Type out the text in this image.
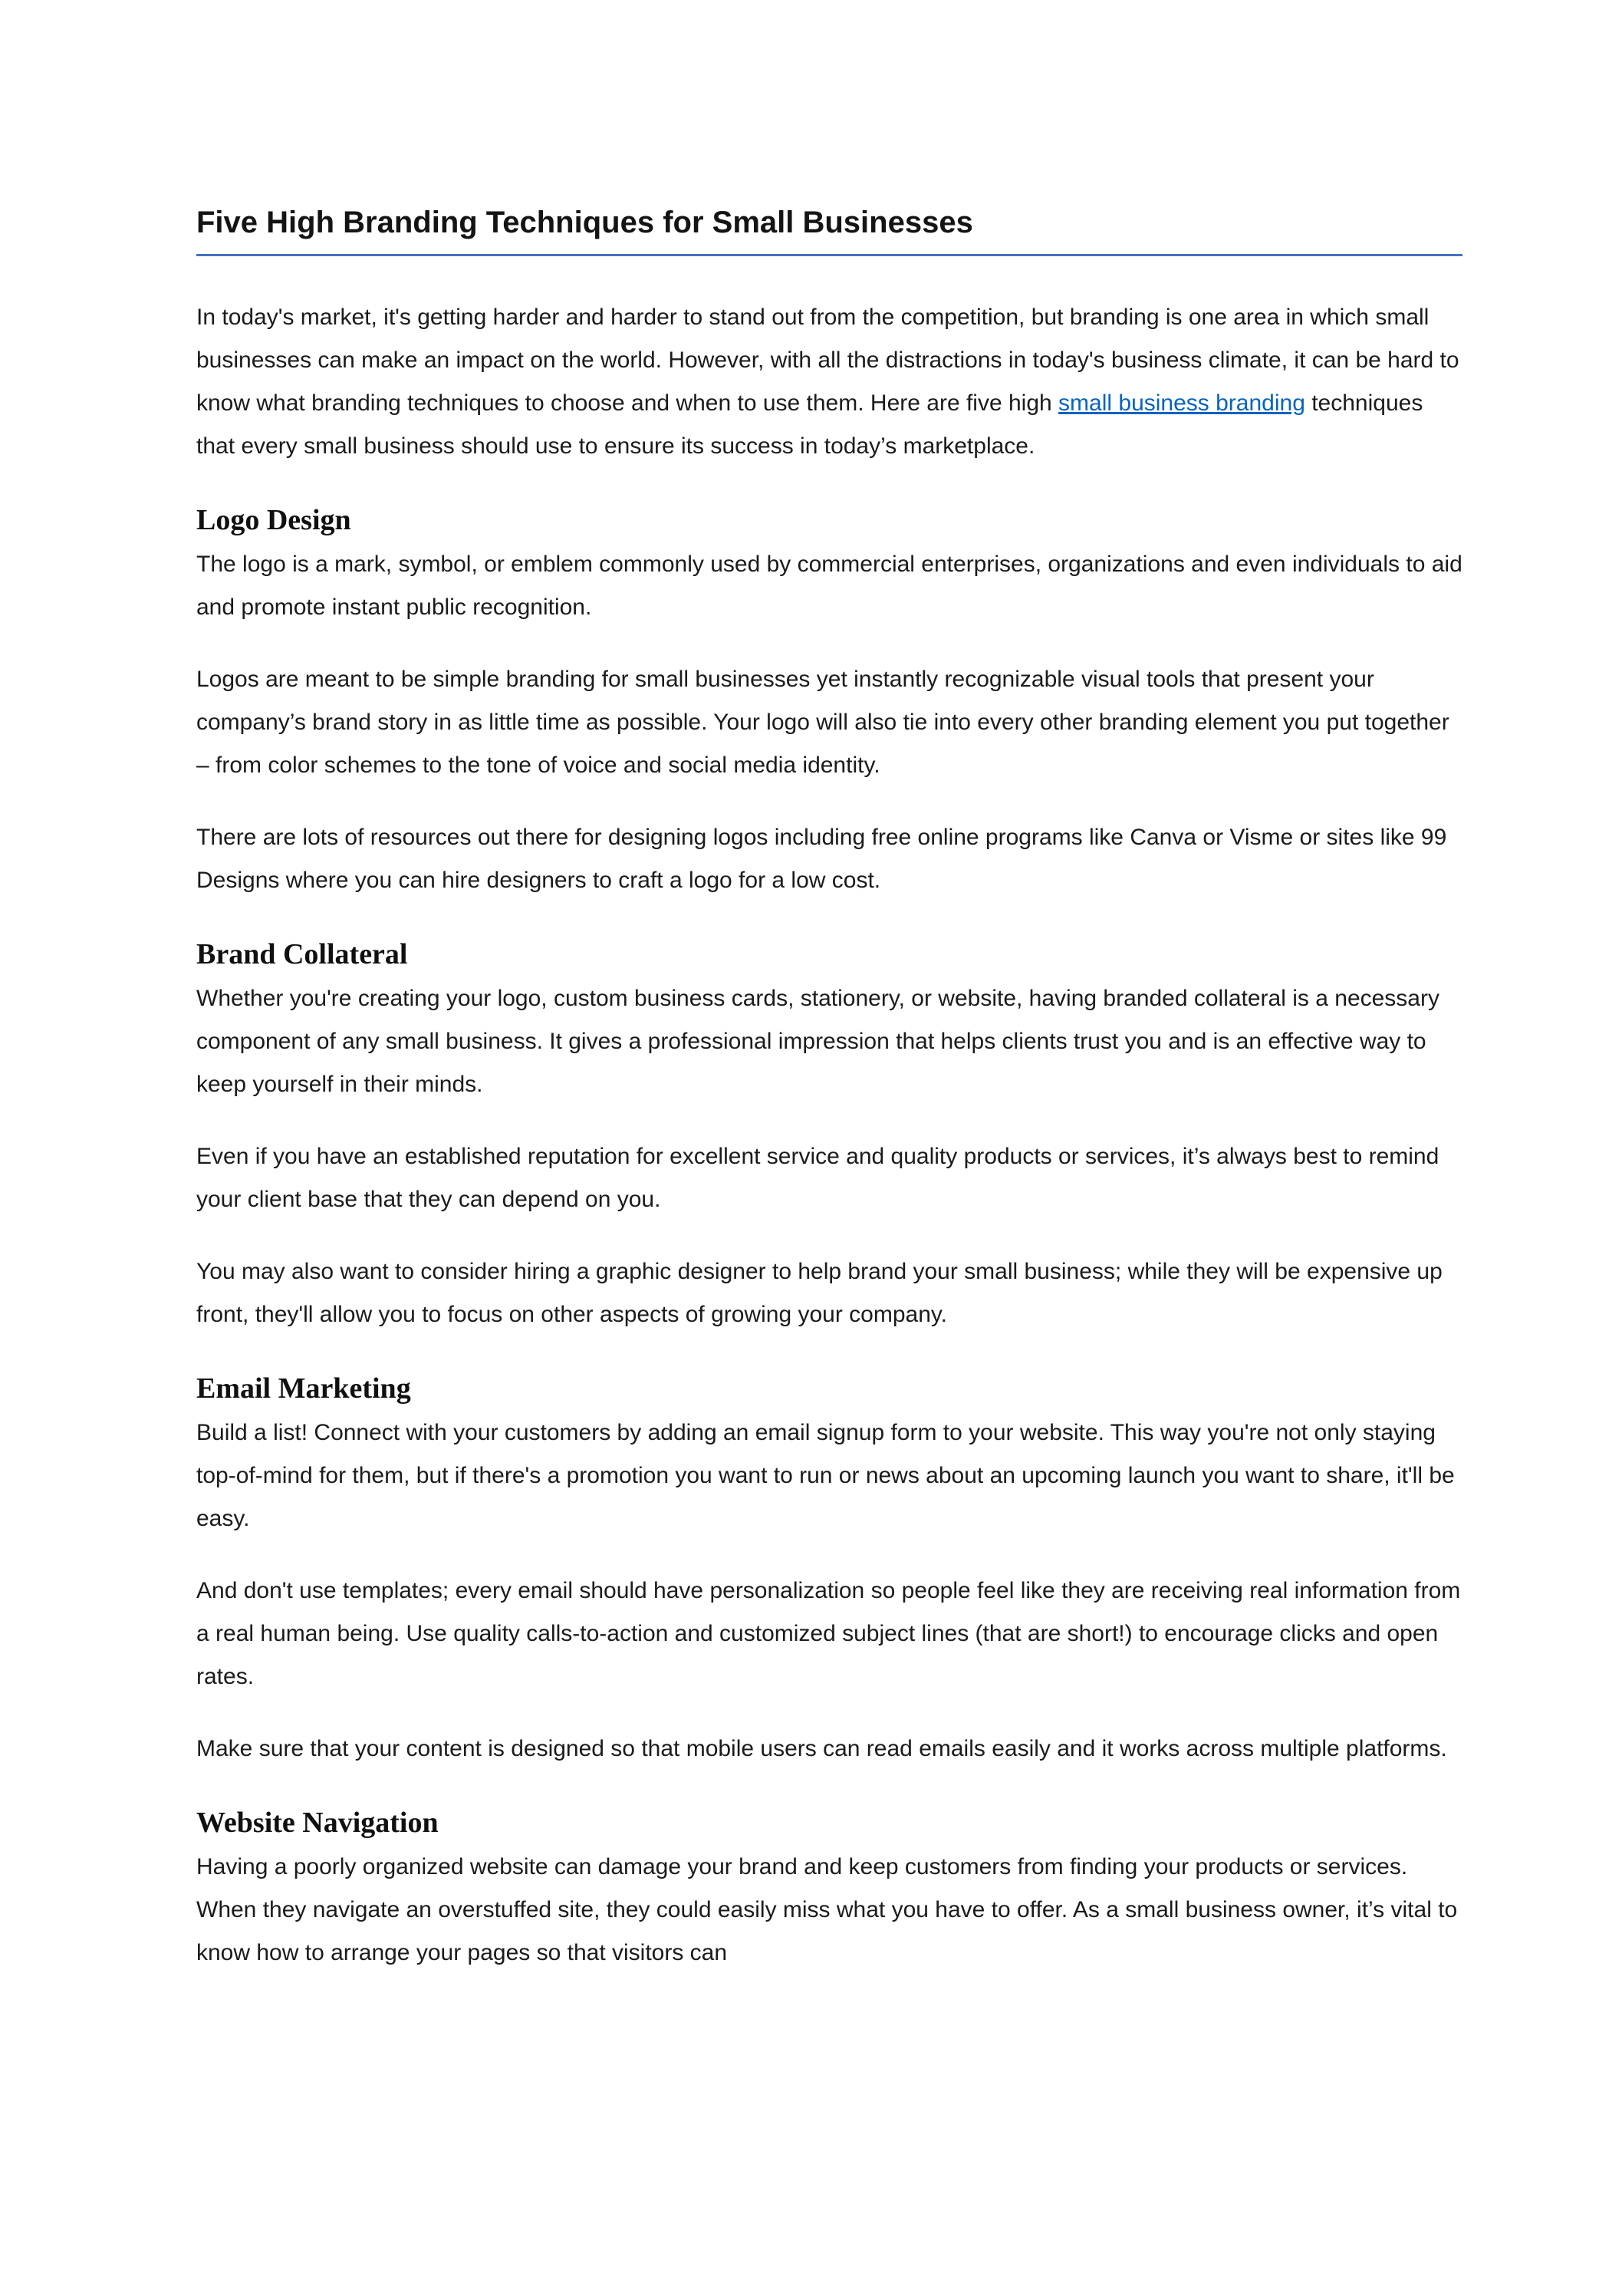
Five High Branding Techniques for Small Businesses

In today's market, it's getting harder and harder to stand out from the competition, but branding is one area in which small businesses can make an impact on the world. However, with all the distractions in today's business climate, it can be hard to know what branding techniques to choose and when to use them. Here are five high small business branding techniques that every small business should use to ensure its success in today’s marketplace.

Logo Design

The logo is a mark, symbol, or emblem commonly used by commercial enterprises, organizations and even individuals to aid and promote instant public recognition.

Logos are meant to be simple branding for small businesses yet instantly recognizable visual tools that present your company’s brand story in as little time as possible. Your logo will also tie into every other branding element you put together – from color schemes to the tone of voice and social media identity.

There are lots of resources out there for designing logos including free online programs like Canva or Visme or sites like 99 Designs where you can hire designers to craft a logo for a low cost.

Brand Collateral

Whether you're creating your logo, custom business cards, stationery, or website, having branded collateral is a necessary component of any small business. It gives a professional impression that helps clients trust you and is an effective way to keep yourself in their minds.

Even if you have an established reputation for excellent service and quality products or services, it’s always best to remind your client base that they can depend on you.

You may also want to consider hiring a graphic designer to help brand your small business; while they will be expensive up front, they'll allow you to focus on other aspects of growing your company.

Email Marketing

Build a list! Connect with your customers by adding an email signup form to your website. This way you're not only staying top-of-mind for them, but if there's a promotion you want to run or news about an upcoming launch you want to share, it'll be easy.

And don't use templates; every email should have personalization so people feel like they are receiving real information from a real human being. Use quality calls-to-action and customized subject lines (that are short!) to encourage clicks and open rates.

Make sure that your content is designed so that mobile users can read emails easily and it works across multiple platforms.

Website Navigation

Having a poorly organized website can damage your brand and keep customers from finding your products or services. When they navigate an overstuffed site, they could easily miss what you have to offer. As a small business owner, it’s vital to know how to arrange your pages so that visitors can
